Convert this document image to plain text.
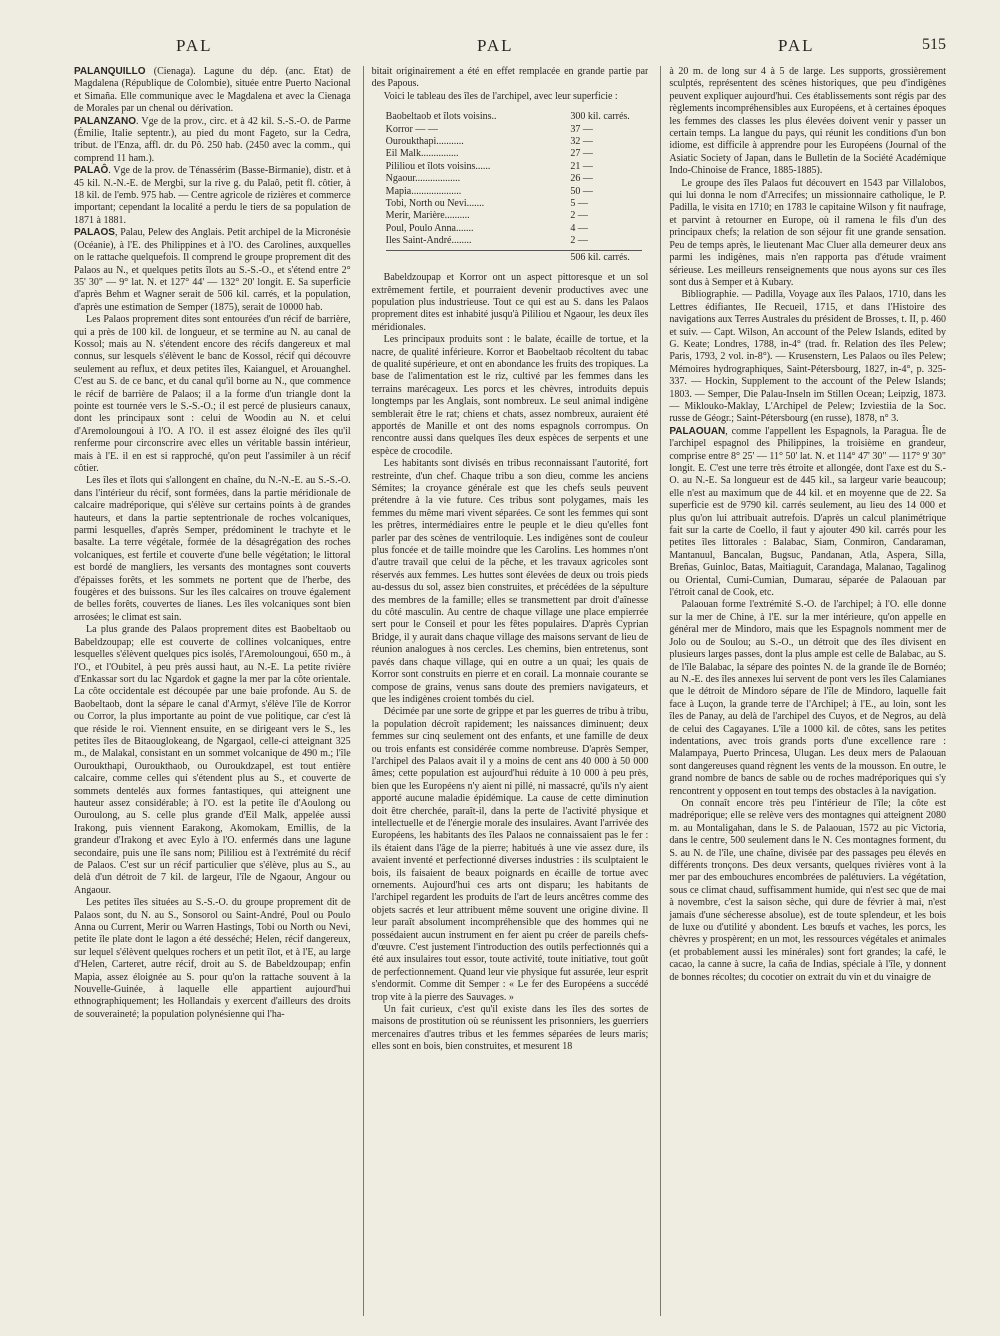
PAL	PAL	PAL	515

PALANQUILLO (Cienaga). Lagune du dép. (anc. État) de Magdalena (République de Colombie), située entre Puerto Nacional et Simaña. Elle communique avec le Magdalena et avec la Cienaga de Morales par un chenal ou dérivation.

PALANZANO. Vge de la prov., circ. et à 42 kil. S.-S.-O. de Parme (Émilie, Italie septentr.), au pied du mont Fageto, sur la Cedra, tribut. de l'Enza, affl. dr. du Pô. 250 hab. (2450 avec la comm., qui comprend 11 ham.).

PALAÔ. Vge de la prov. de Ténassérim (Basse-Birmanie), distr. et à 45 kil. N.-N.-E. de Mergbi, sur la rive g. du Palaô, petit fl. côtier, à 18 kil. de l'emb. 975 hab. — Centre agricole de rizières et commerce important; cependant la localité a perdu le tiers de sa population de 1871 à 1881.

PALAOS, Palau, Pelew des Anglais. Petit archipel de la Micronésie (Océanie), à l'E. des Philippines et à l'O. des Carolines, auxquelles on le rattache quelquefois. Il comprend le groupe proprement dit des Palaos au N., et quelques petits îlots au S.-S.-O., et s'étend entre 2° 35' 30" — 9° lat. N. et 127° 44' — 132° 20' longit. E. Sa superficie d'après Behm et Wagner serait de 506 kil. carrés, et la population, d'après une estimation de Semper (1875), serait de 10000 hab.

Les Palaos proprement dites sont entourées d'un récif de barrière, qui a près de 100 kil. de longueur, et se termine au N. au canal de Kossol; mais au N. s'étendent encore des récifs dangereux et mal connus, sur lesquels s'élèvent le banc de Kossol, récif qui découvre seulement au reflux, et deux petites îles, Kaianguel, et Arouanghel. C'est au S. de ce banc, et du canal qu'il borne au N., que commence le récif de barrière de Palaos; il a la forme d'un triangle dont la pointe est tournée vers le S.-S.-O.; il est percé de plusieurs canaux, dont les principaux sont : celui de Woodin au N. et celui d'Aremoloungoui à l'O. A l'O. il est assez éloigné des îles qu'il renferme pour circonscrire avec elles un véritable bassin intérieur, mais à l'E. il en est si rapproché, qu'on peut l'assimiler à un récif côtier.

Les îles et îlots qui s'allongent en chaîne, du N.-N.-E. au S.-S.-O. dans l'intérieur du récif, sont formées, dans la partie méridionale de calcaire madréporique, qui s'élève sur certains points à de grandes hauteurs, et dans la partie septentrionale de roches volcaniques, parmi lesquelles, d'après Semper, prédominent le trachyte et le basalte. La terre végétale, formée de la désagrégation des roches volcaniques, est fertile et couverte d'une belle végétation; le littoral est bordé de mangliers, les versants des montagnes sont couverts d'épaisses forêts, et les sommets ne portent que de l'herbe, des fougères et des buissons. Sur les îles calcaires on trouve également de belles forêts, couvertes de lianes. Les îles volcaniques sont bien arrosées; le climat est sain.

La plus grande des Palaos proprement dites est Baobeltaob ou Babeldzoupap; elle est couverte de collines volcaniques, entre lesquelles s'élèvent quelques pics isolés, l'Aremoloungoui, 650 m., à l'O., et l'Oubitel, à peu près aussi haut, au N.-E. La petite rivière d'Enkassar sort du lac Ngardok et gagne la mer par la côte orientale. La côte occidentale est découpée par une baie profonde. Au S. de Baobeltaob, dont la sépare le canal d'Armyt, s'élève l'île de Korror ou Corror, la plus importante au point de vue politique, car c'est là que réside le roi. Viennent ensuite, en se dirigeant vers le S., les petites îles de Bitaouglokeang, de Ngargaol, celle-ci atteignant 325 m., de Malakal, consistant en un sommet volcanique de 490 m.; l'île Ouroukthapi, Ouroukthaob, ou Ouroukdzapel, est tout entière calcaire, comme celles qui s'étendent plus au S., et couverte de sommets dentelés aux formes fantastiques, qui atteignent une hauteur assez considérable; à l'O. est la petite île d'Aoulong ou Ouroulong, au S. celle plus grande d'Eil Malk, appelée aussi Irakong, puis viennent Earakong, Akomokam, Emillis, de la grandeur d'Irakong et avec Eylo à l'O. enfermés dans une lagune secondaire, puis une île sans nom; Pililiou est à l'extrémité du récif de Palaos. C'est sur un récif particulier que s'élève, plus au S., au delà d'un détroit de 7 kil. de largeur, l'île de Ngaour, Angour ou Angaour.

Les petites îles situées au S.-S.-O. du groupe proprement dit de Palaos sont, du N. au S., Sonsorol ou Saint-André, Poul ou Poulo Anna ou Current, Merir ou Warren Hastings, Tobi ou North ou Nevi, petite île plate dont le lagon a été desséché; Helen, récif dangereux, sur lequel s'élèvent quelques rochers et un petit îlot, et à l'E, au large d'Helen, Carteret, autre récif, droit au S. de Babeldzoupap; enfin Mapia, assez éloignée au S. pour qu'on la rattache souvent à la Nouvelle-Guinée, à laquelle elle appartient aujourd'hui ethnographiquement; les Hollandais y exercent d'ailleurs des droits de souveraineté; la population polynésienne qui l'ha-

bitait originairement a été en effet remplacée en grande partie par des Papous.

Voici le tableau des îles de l'archipel, avec leur superficie :

Baobeltaob et îlots voisins..	300 kil. carrés.
Korror — —	37 —
Ouroukthapi...........	32 —
Eil Malk...............	27 —
Pililiou et îlots voisins......	21 —
Ngaour..................	26 —
Mapia....................	50 —
Tobi, North ou Nevi.......	5 —
Merir, Marière..........	2 —
Poul, Poulo Anna.......	4 —
Iles Saint-André........	2 —
506 kil. carrés.

Babeldzoupap et Korror ont un aspect pittoresque et un sol extrêmement fertile, et pourraient devenir productives avec une population plus industrieuse. Tout ce qui est au S. dans les Palaos proprement dites est inhabité jusqu'à Pililiou et Ngaour, les deux îles méridionales.

Les principaux produits sont : le balate, écaille de tortue, et la nacre, de qualité inférieure. Korror et Baobeltaob récoltent du tabac de qualité supérieure, et ont en abondance les fruits des tropiques. La base de l'alimentation est le riz, cultivé par les femmes dans les terrains marécageux. Les porcs et les chèvres, introduits depuis longtemps par les Anglais, sont nombreux. Le seul animal indigène semblerait être le rat; chiens et chats, assez nombreux, auraient été apportés de Manille et ont des noms espagnols corrompus. On rencontre aussi dans quelques îles deux espèces de serpents et une espèce de crocodile.

Les habitants sont divisés en tribus reconnaissant l'autorité, fort restreinte, d'un chef. Chaque tribu a son dieu, comme les anciens Sémites; la croyance générale est que les chefs seuls peuvent prétendre à la vie future. Ces tribus sont polygames, mais les femmes du même mari vivent séparées. Ce sont les femmes qui sont les prêtres, intermédiaires entre le peuple et le dieu qu'elles font parler par des scènes de ventriloquie. Les indigènes sont de couleur plus foncée et de taille moindre que les Carolins. Les hommes n'ont d'autre travail que celui de la pêche, et les travaux agricoles sont réservés aux femmes. Les huttes sont élevées de deux ou trois pieds au-dessus du sol, assez bien construites, et précédées de la sépulture des membres de la famille; elles se transmettent par droit d'aînesse du côté masculin. Au centre de chaque village une place empierrée sert pour le Conseil et pour les fêtes populaires. D'après Cyprian Bridge, il y aurait dans chaque village des maisons servant de lieu de réunion analogues à nos cercles. Les chemins, bien entretenus, sont pavés dans chaque village, qui en outre a un quai; les quais de Korror sont construits en pierre et en corail. La monnaie courante se compose de grains, venus sans doute des premiers navigateurs, et que les indigènes croient tombés du ciel.

Décimée par une sorte de grippe et par les guerres de tribu à tribu, la population décroît rapidement; les naissances diminuent; deux femmes sur cinq seulement ont des enfants, et une famille de deux ou trois enfants est considérée comme nombreuse. D'après Semper, l'archipel des Palaos avait il y a moins de cent ans 40 000 à 50 000 âmes; cette population est aujourd'hui réduite à 10 000 à peu près, bien que les Européens n'y aient ni pillé, ni massacré, qu'ils n'y aient apporté aucune maladie épidémique. La cause de cette diminution doit être cherchée, paraît-il, dans la perte de l'activité physique et intellectuelle et de l'énergie morale des insulaires. Avant l'arrivée des Européens, les habitants des îles Palaos ne connaissaient pas le fer : ils étaient dans l'âge de la pierre; habitués à une vie assez dure, ils avaient inventé et perfectionné diverses industries : ils sculptaient le bois, ils faisaient de beaux poignards en écaille de tortue avec ornements. Aujourd'hui ces arts ont disparu; les habitants de l'archipel regardent les produits de l'art de leurs ancêtres comme des objets sacrés et leur attribuent même souvent une origine divine. Il leur paraît absolument incompréhensible que des hommes qui ne possédaient aucun instrument en fer aient pu créer de pareils chefs-d'œuvre. C'est justement l'introduction des outils perfectionnés qui a été aux insulaires tout essor, toute activité, toute initiative, tout goût de perfectionnement. Quand leur vie physique fut assurée, leur esprit s'endormit. Comme dit Semper : « Le fer des Européens a succédé trop vite à la pierre des Sauvages. »

Un fait curieux, c'est qu'il existe dans les îles des sortes de maisons de prostitution où se réunissent les prisonniers, les guerriers mercenaires d'autres tribus et les femmes séparées de leurs maris; elles sont en bois, bien construites, et mesurent 18

à 20 m. de long sur 4 à 5 de large. Les supports, grossièrement sculptés, représentent des scènes historiques, que peu d'indigènes peuvent expliquer aujourd'hui. Ces établissements sont régis par des règlements incompréhensibles aux Européens, et à certaines époques les femmes des classes les plus élevées doivent venir y passer un certain temps. La langue du pays, qui réunit les conditions d'un bon idiome, est difficile à apprendre pour les Européens (Journal of the Asiatic Society of Japan, dans le Bulletin de la Société Académique Indo-Chinoise de France, 1885-1885).

Le groupe des îles Palaos fut découvert en 1543 par Villalobos, qui lui donna le nom d'Arrecifes; un missionnaire catholique, le P. Padilla, le visita en 1710; en 1783 le capitaine Wilson y fit naufrage, et parvint à retourner en Europe, où il ramena le fils d'un des principaux chefs; la relation de son séjour fit une grande sensation. Peu de temps après, le lieutenant Mac Cluer alla demeurer deux ans parmi les indigènes, mais n'en rapporta pas d'étude vraiment sérieuse. Les meilleurs renseignements que nous ayons sur ces îles sont dus à Semper et à Kubary.

Bibliographie. — Padilla, Voyage aux îles Palaos, 1710, dans les Lettres édifiantes, IIe Recueil, 1715, et dans l'Histoire des navigations aux Terres Australes du président de Brosses, t. II, p. 460 et suiv. — Capt. Wilson, An account of the Pelew Islands, edited by G. Keate; Londres, 1788, in-4° (trad. fr. Relation des îles Pelew; Paris, 1793, 2 vol. in-8°). — Krusenstern, Les Palaos ou îles Pelew; Mémoires hydrographiques, Saint-Pétersbourg, 1827, in-4°, p. 325-337. — Hockin, Supplement to the account of the Pelew Islands; 1803. — Semper, Die Palau-Inseln im Stillen Ocean; Leipzig, 1873. — Miklouko-Maklay, L'Archipel de Pelew; Izviestiia de la Soc. russe de Géogr.; Saint-Pétersbourg (en russe), 1878, n° 3.

PALAOUAN, comme l'appellent les Espagnols, la Paragua. Île de l'archipel espagnol des Philippines, la troisième en grandeur, comprise entre 8° 25' — 11° 50' lat. N. et 114° 47' 30" — 117° 9' 30" longit. E. C'est une terre très étroite et allongée, dont l'axe est du S.-O. au N.-E. Sa longueur est de 445 kil., sa largeur varie beaucoup; elle n'est au maximum que de 44 kil. et en moyenne que de 22. Sa superficie est de 9790 kil. carrés seulement, au lieu des 14 000 et plus qu'on lui attribuait autrefois. D'après un calcul planimétrique fait sur la carte de Coello, il faut y ajouter 490 kil. carrés pour les petites îles littorales : Balabac, Siam, Conmiron, Candaraman, Mantanuul, Bancalan, Bugsuc, Pandanan, Atla, Aspera, Silla, Breñas, Guinloc, Batas, Maitiaguit, Carandaga, Malanao, Tagalinog ou Oriental, Cumi-Cumian, Dumarau, séparée de Palaouan par l'étroit canal de Cook, etc.

Palaouan forme l'extrémité S.-O. de l'archipel; à l'O. elle donne sur la mer de Chine, à l'E. sur la mer intérieure, qu'on appelle en général mer de Mindoro, mais que les Espagnols nomment mer de Jolo ou de Soulou; au S.-O., un détroit que des îles divisent en plusieurs larges passes, dont la plus ample est celle de Balabac, au S. de l'île Balabac, la sépare des pointes N. de la grande île de Bornéo; au N.-E. des îles annexes lui servent de pont vers les îles Calamianes que le détroit de Mindoro sépare de l'île de Mindoro, laquelle fait face à Luçon, la grande terre de l'Archipel; à l'E., au loin, sont les îles de Panay, au delà de l'archipel des Cuyos, et de Negros, au delà de celui des Cagayanes. L'île a 1000 kil. de côtes, sans les petites indentations, avec trois grands ports d'une excellence rare : Malampaya, Puerto Princesa, Ulugan. Les deux mers de Palaouan sont dangereuses quand règnent les vents de la mousson. En outre, le grand nombre de bancs de sable ou de roches madréporiques qui s'y rencontrent y opposent en tout temps des obstacles à la navigation.

On connaît encore très peu l'intérieur de l'île; la côte est madréporique; elle se relève vers des montagnes qui atteignent 2080 m. au Montaligahan, dans le S. de Palaouan, 1572 au pic Victoria, dans le centre, 500 seulement dans le N. Ces montagnes forment, du S. au N. de l'île, une chaîne, divisée par des passages peu élevés en différents tronçons. Des deux versants, quelques rivières vont à la mer par des embouchures encombrées de palétuviers. La végétation, sous ce climat chaud, suffisamment humide, qui n'est sec que de mai à novembre, c'est la saison sèche, qui dure de février à mai, n'est jamais d'une sécheresse absolue), est de toute splendeur, et les bois de luxe ou d'utilité y abondent. Les bœufs et vaches, les porcs, les chèvres y prospèrent; en un mot, les ressources végétales et animales (et probablement aussi les minérales) sont fort grandes; la café, le cacao, la canne à sucre, la caña de Indias, spéciale à l'île, y donnent de bonnes récoltes; du cocotier on extrait du vin et du vinaigre de
